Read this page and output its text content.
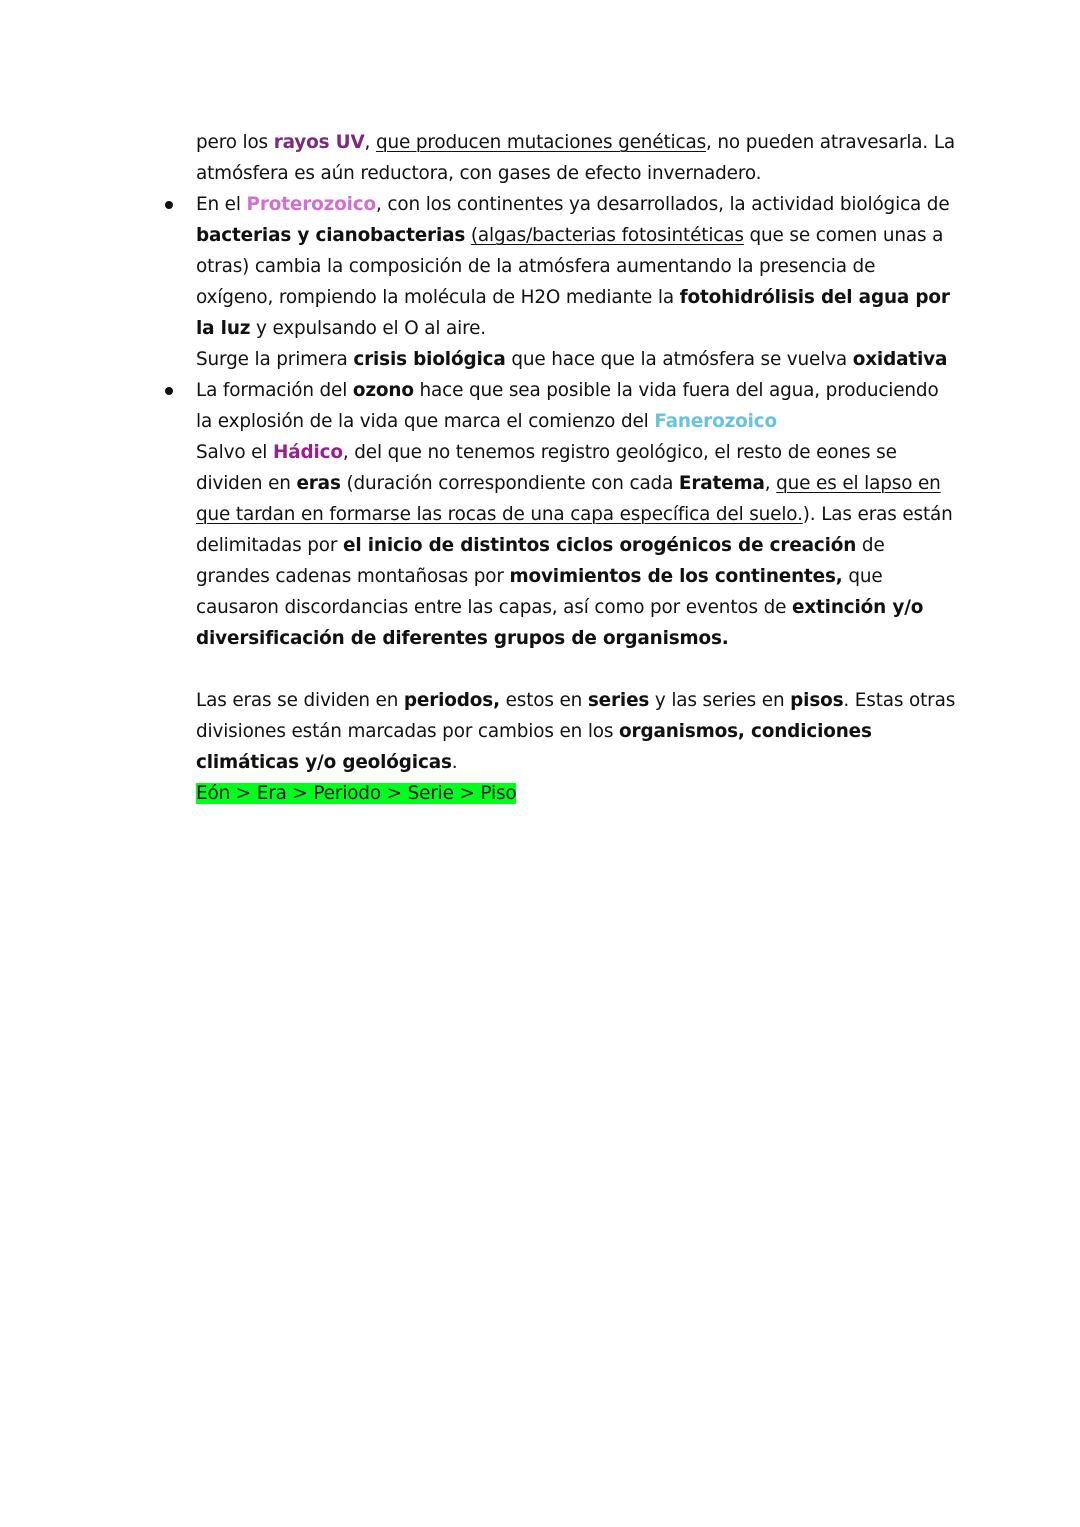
pero los rayos UV, que producen mutaciones genéticas, no pueden atravesarla. La atmósfera es aún reductora, con gases de efecto invernadero.

En el Proterozoico, con los continentes ya desarrollados, la actividad biológica de bacterias y cianobacterias (algas/bacterias fotosintéticas que se comen unas a otras) cambia la composición de la atmósfera aumentando la presencia de oxígeno, rompiendo la molécula de H2O mediante la fotohidrólisis del agua por la luz y expulsando el O al aire.

Surge la primera crisis biológica que hace que la atmósfera se vuelva oxidativa

La formación del ozono hace que sea posible la vida fuera del agua, produciendo la explosión de la vida que marca el comienzo del Fanerozoico

Salvo el Hádico, del que no tenemos registro geológico, el resto de eones se dividen en eras (duración correspondiente con cada Eratema, que es el lapso en que tardan en formarse las rocas de una capa específica del suelo.). Las eras están delimitadas por el inicio de distintos ciclos orogénicos de creación de grandes cadenas montañosas por movimientos de los continentes, que causaron discordancias entre las capas, así como por eventos de extinción y/o diversificación de diferentes grupos de organismos.

Las eras se dividen en periodos, estos en series y las series en pisos. Estas otras divisiones están marcadas por cambios en los organismos, condiciones climáticas y/o geológicas.

Eón > Era > Periodo > Serie > Piso
